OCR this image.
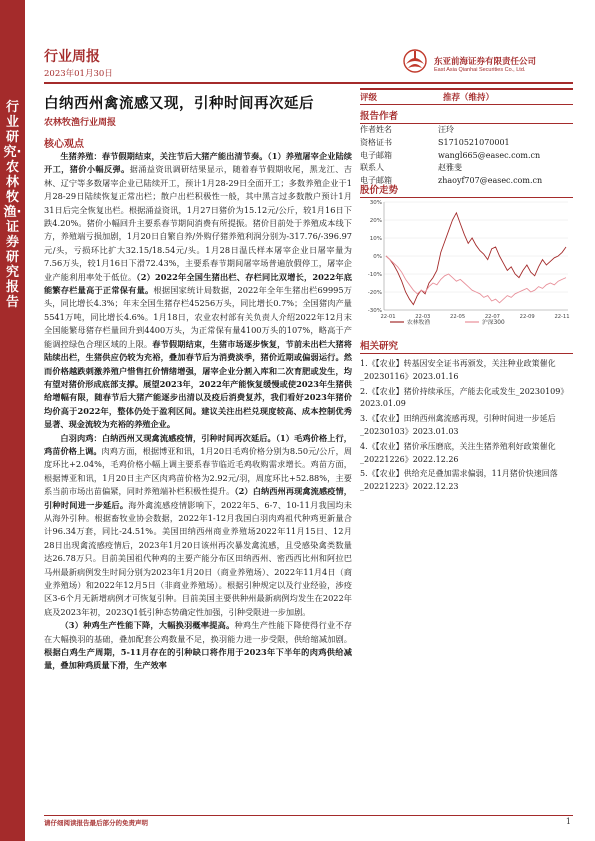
行业研究·农林牧渔·证券研究报告
行业周报
2023年01月30日
东亚前海证券有限责任公司
East Asia Qianhai Securities Co., Ltd.
白纳西州禽流感又现，引种时间再次延后
农林牧渔行业周报
核心观点

生猪养殖：春节假期结束，关注节后大猪产能出清节奏。（1）养殖屠宰企业陆续开工，猪价小幅反弹。据涌益资讯调研结果显示，随着春节假期收尾，黑龙江、吉林、辽宁等多数屠宰企业已陆续开工，预计1月28-29日全面开工；多数养殖企业于1月28-29日陆续恢复正常出栏；散户出栏积极性一般，其中黑言过多数散户预计1月31日后完全恢复出栏。根据涌益资讯，1月27日猪价为15.12元/公斤，较1月16日下跌4.20%。猪价小幅回升主要系春节期间消费有所提振。猪价目前处于养殖成本线下方，养殖端亏损加剧，1月20日自繁自养/外购仔猪养殖利润分别为-317.76/-396.97元/头，亏损环比扩大32.15/18.54元/头。1月28日温氏样本屠宰企业日屠宰量为7.56万头，较1月16日下滑72.43%，主要系春节期间屠宰场普遍放假停工，屠宰企业产能利用率处于低位。（2）2022年全国生猪出栏、存栏同比双增长，2022年底能繁存栏量高于正常保有量。根据国家统计局数据，2022年全年生猪出栏69995万头，同比增长4.3%；年末全国生猪存栏45256万头，同比增长0.7%；全国猪肉产量5541万吨，同比增长4.6%。1月18日，农业农村部有关负责人介绍2022年12月末全国能繁母猪存栏量回升到4400万头，为正常保有量4100万头的107%，略高于产能调控绿色合理区域的上限。春节假期结束，生猪市场逐步恢复，节前未出栏大猪将陆续出栏，生猪供应仍较为充裕，叠加春节后为消费淡季，猪价近期或偏弱运行。然而价格越跌刺激养殖户惜售扛价情绪增强，屠宰企业分割入库和二次育肥或发生，均有望对猪价形成底部支撑。展望2023年，2022年产能恢复缓慢或使2023年生猪供给增幅有限，随春节后大猪产能逐步出清以及疫后消费复苏，我们看好2023年猪价均价高于2022年，整体仍处于盈利区间。建议关注出栏兑现度较高、成本控制优秀显著、现金流较为充裕的养殖企业。

白羽肉鸡：白纳西州又现禽流感疫情，引种时间再次延后。（1）毛鸡价格上行，鸡苗价格上调。肉鸡方面，根据博亚和讯，1月20日毛鸡价格分别为8.50元/公斤，周度环比+2.04%，毛鸡价格小幅上调主要系春节临近毛鸡收购需求增长。鸡苗方面，根据博亚和讯，1月20日主产区肉鸡苗价格为2.92元/羽，周度环比+52.88%，主要系当前市场出苗偏紧，同时养殖端补栏积极性提升。（2）白纳西州再现禽流感疫情，引种时间进一步延后。海外禽流感疫情影响下，2022年5、6-7、10-11月我国均未从海外引种。根据畜牧业协会数据，2022年1-12月我国白羽肉鸡祖代种鸡更新量合计96.34万套，同比-24.51%。美国田纳西州商业养殖场2022年11月15日、12月28日出现禽流感疫情后，2023年1月20日该州再次暴发禽流感，且受感染禽类数量达26.78万只。目前美国祖代种鸡的主要产能分布区田纳西州、密西西比州和阿拉巴马州最新病例发生时间分别为2023年1月20日（商业养殖场）、2022年11月4日（商业养殖场）和2022年12月5日（非商业养殖场）。根据引种规定以及行业经验，涉疫区3-6个月无新增病例才可恢复引种。目前美国主要供种州最新病例均发生在2022年底及2023年初，2023Q1低引种态势确定性加强，引种受限进一步加剧。

（3）种鸡生产性能下降，大幅换羽概率提高。种鸡生产性能下降使得行业不存在大幅换羽的基础，叠加配套公鸡数量不足，换羽能力进一步受限，供给缩减加剧。根据白鸡生产周期，5-11月存在的引种缺口将作用于2023年下半年的肉鸡供给减量，叠加种鸡质量下滑，生产效率

评级	推荐（维持）
报告作者
作者姓名	汪玲
资格证书	S1710521070001
电子邮箱	wangl665@easec.com.cn
联系人	赵雅斐
电子邮箱	zhaoyf707@easec.com.cn
股价走势
30%
20%
10%
0%
-10%
-20%
-30%
22-01	22-03	22-05	22-07	22-09	22-11
农林牧渔	沪深300
相关研究
1.《【农业】转基因安全证书再颁发，关注种业政策催化_20230116》2023.01.16
2.《【农业】猪价持续承压，产能去化或发生_20230109》2023.01.09
3.《【农业】田纳西州禽流感再现，引种时间进一步延后_20230103》2023.01.03
4.《【农业】猪价承压磨底，关注生猪养殖利好政策催化_20221226》2022.12.26
5.《【农业】供给充足叠加需求偏弱，11月猪价快速回落_20221223》2022.12.23
请仔细阅读报告最后部分的免责声明	1
